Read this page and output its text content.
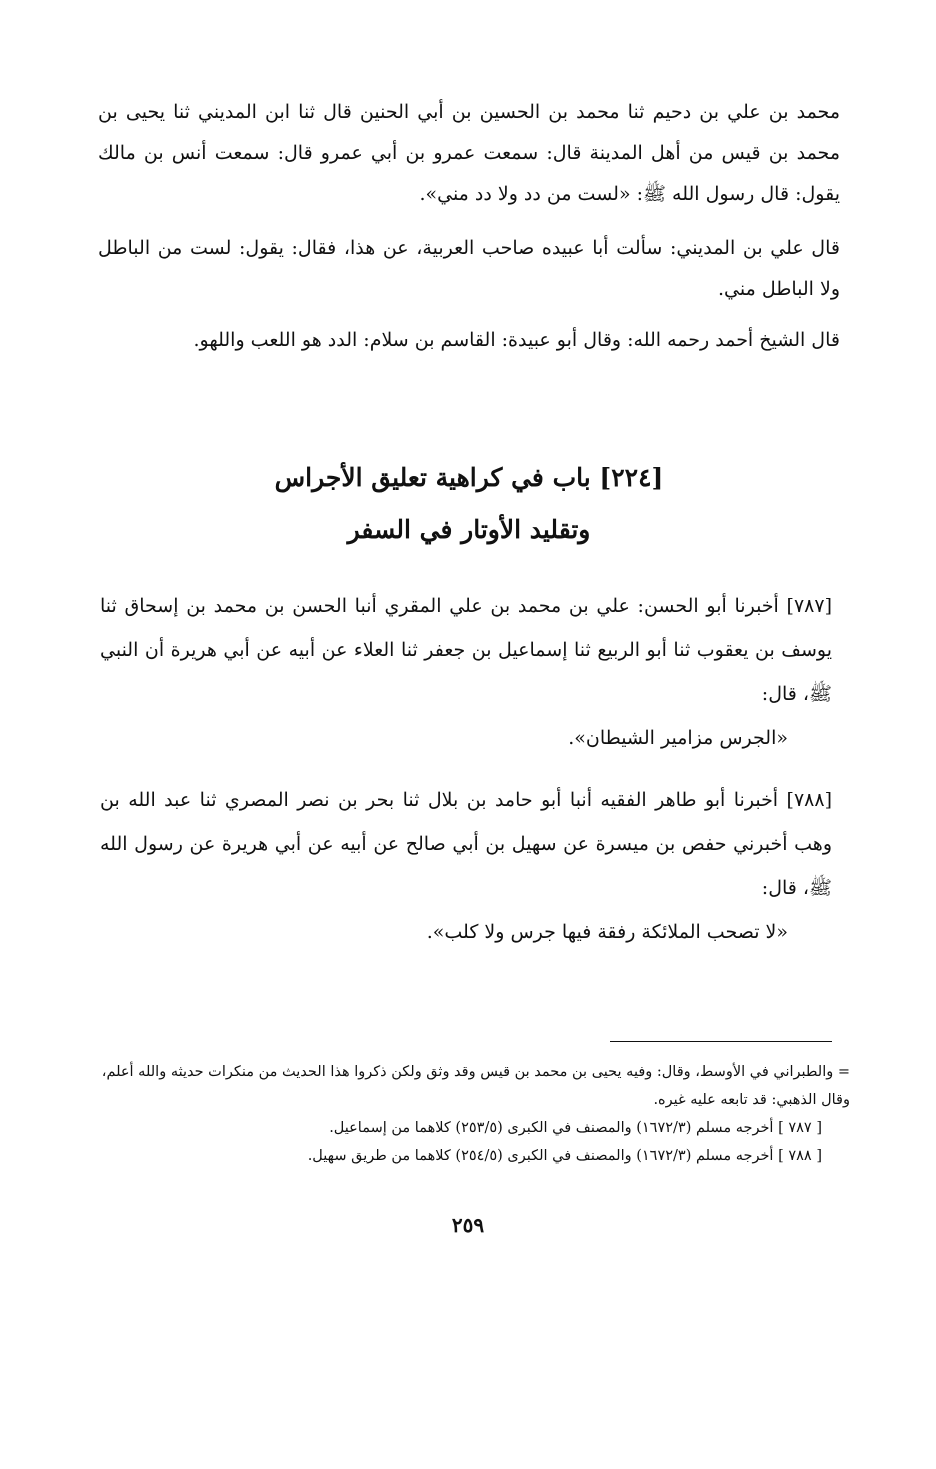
محمد بن علي بن دحيم ثنا محمد بن الحسين بن أبي الحنين قال ثنا ابن المديني ثنا يحيى بن محمد بن قيس من أهل المدينة قال: سمعت عمرو بن أبي عمرو قال: سمعت أنس بن مالك يقول: قال رسول الله ﷺ: «لست من دد ولا دد مني».

قال علي بن المديني: سألت أبا عبيده صاحب العربية، عن هذا، فقال: يقول: لست من الباطل ولا الباطل مني.

قال الشيخ أحمد رحمه الله: وقال أبو عبيدة: القاسم بن سلام: الدد هو اللعب واللهو.

[٢٢٤] باب في كراهية تعليق الأجراس
وتقليد الأوتار في السفر
[٧٨٧] أخبرنا أبو الحسن: علي بن محمد بن علي المقري أنبا الحسن بن محمد بن إسحاق ثنا يوسف بن يعقوب ثنا أبو الربيع ثنا إسماعيل بن جعفر ثنا العلاء عن أبيه عن أبي هريرة أن النبي ﷺ، قال:
«الجرس مزامير الشيطان».
[٧٨٨] أخبرنا أبو طاهر الفقيه أنبا أبو حامد بن بلال ثنا بحر بن نصر المصري ثنا عبد الله بن وهب أخبرني حفص بن ميسرة عن سهيل بن أبي صالح عن أبيه عن أبي هريرة عن رسول الله ﷺ، قال:
«لا تصحب الملائكة رفقة فيها جرس ولا كلب».
= والطبراني في الأوسط، وقال: وفيه يحيى بن محمد بن قيس وقد وثق ولكن ذكروا هذا الحديث من منكرات حديثه والله أعلم، وقال الذهبي: قد تابعه عليه غيره.
[ ٧٨٧ ] أخرجه مسلم (١٦٧٢/٣) والمصنف في الكبرى (٢٥٣/٥) كلاهما من إسماعيل.
[ ٧٨٨ ] أخرجه مسلم (١٦٧٢/٣) والمصنف في الكبرى (٢٥٤/٥) كلاهما من طريق سهيل.
٢٥٩
